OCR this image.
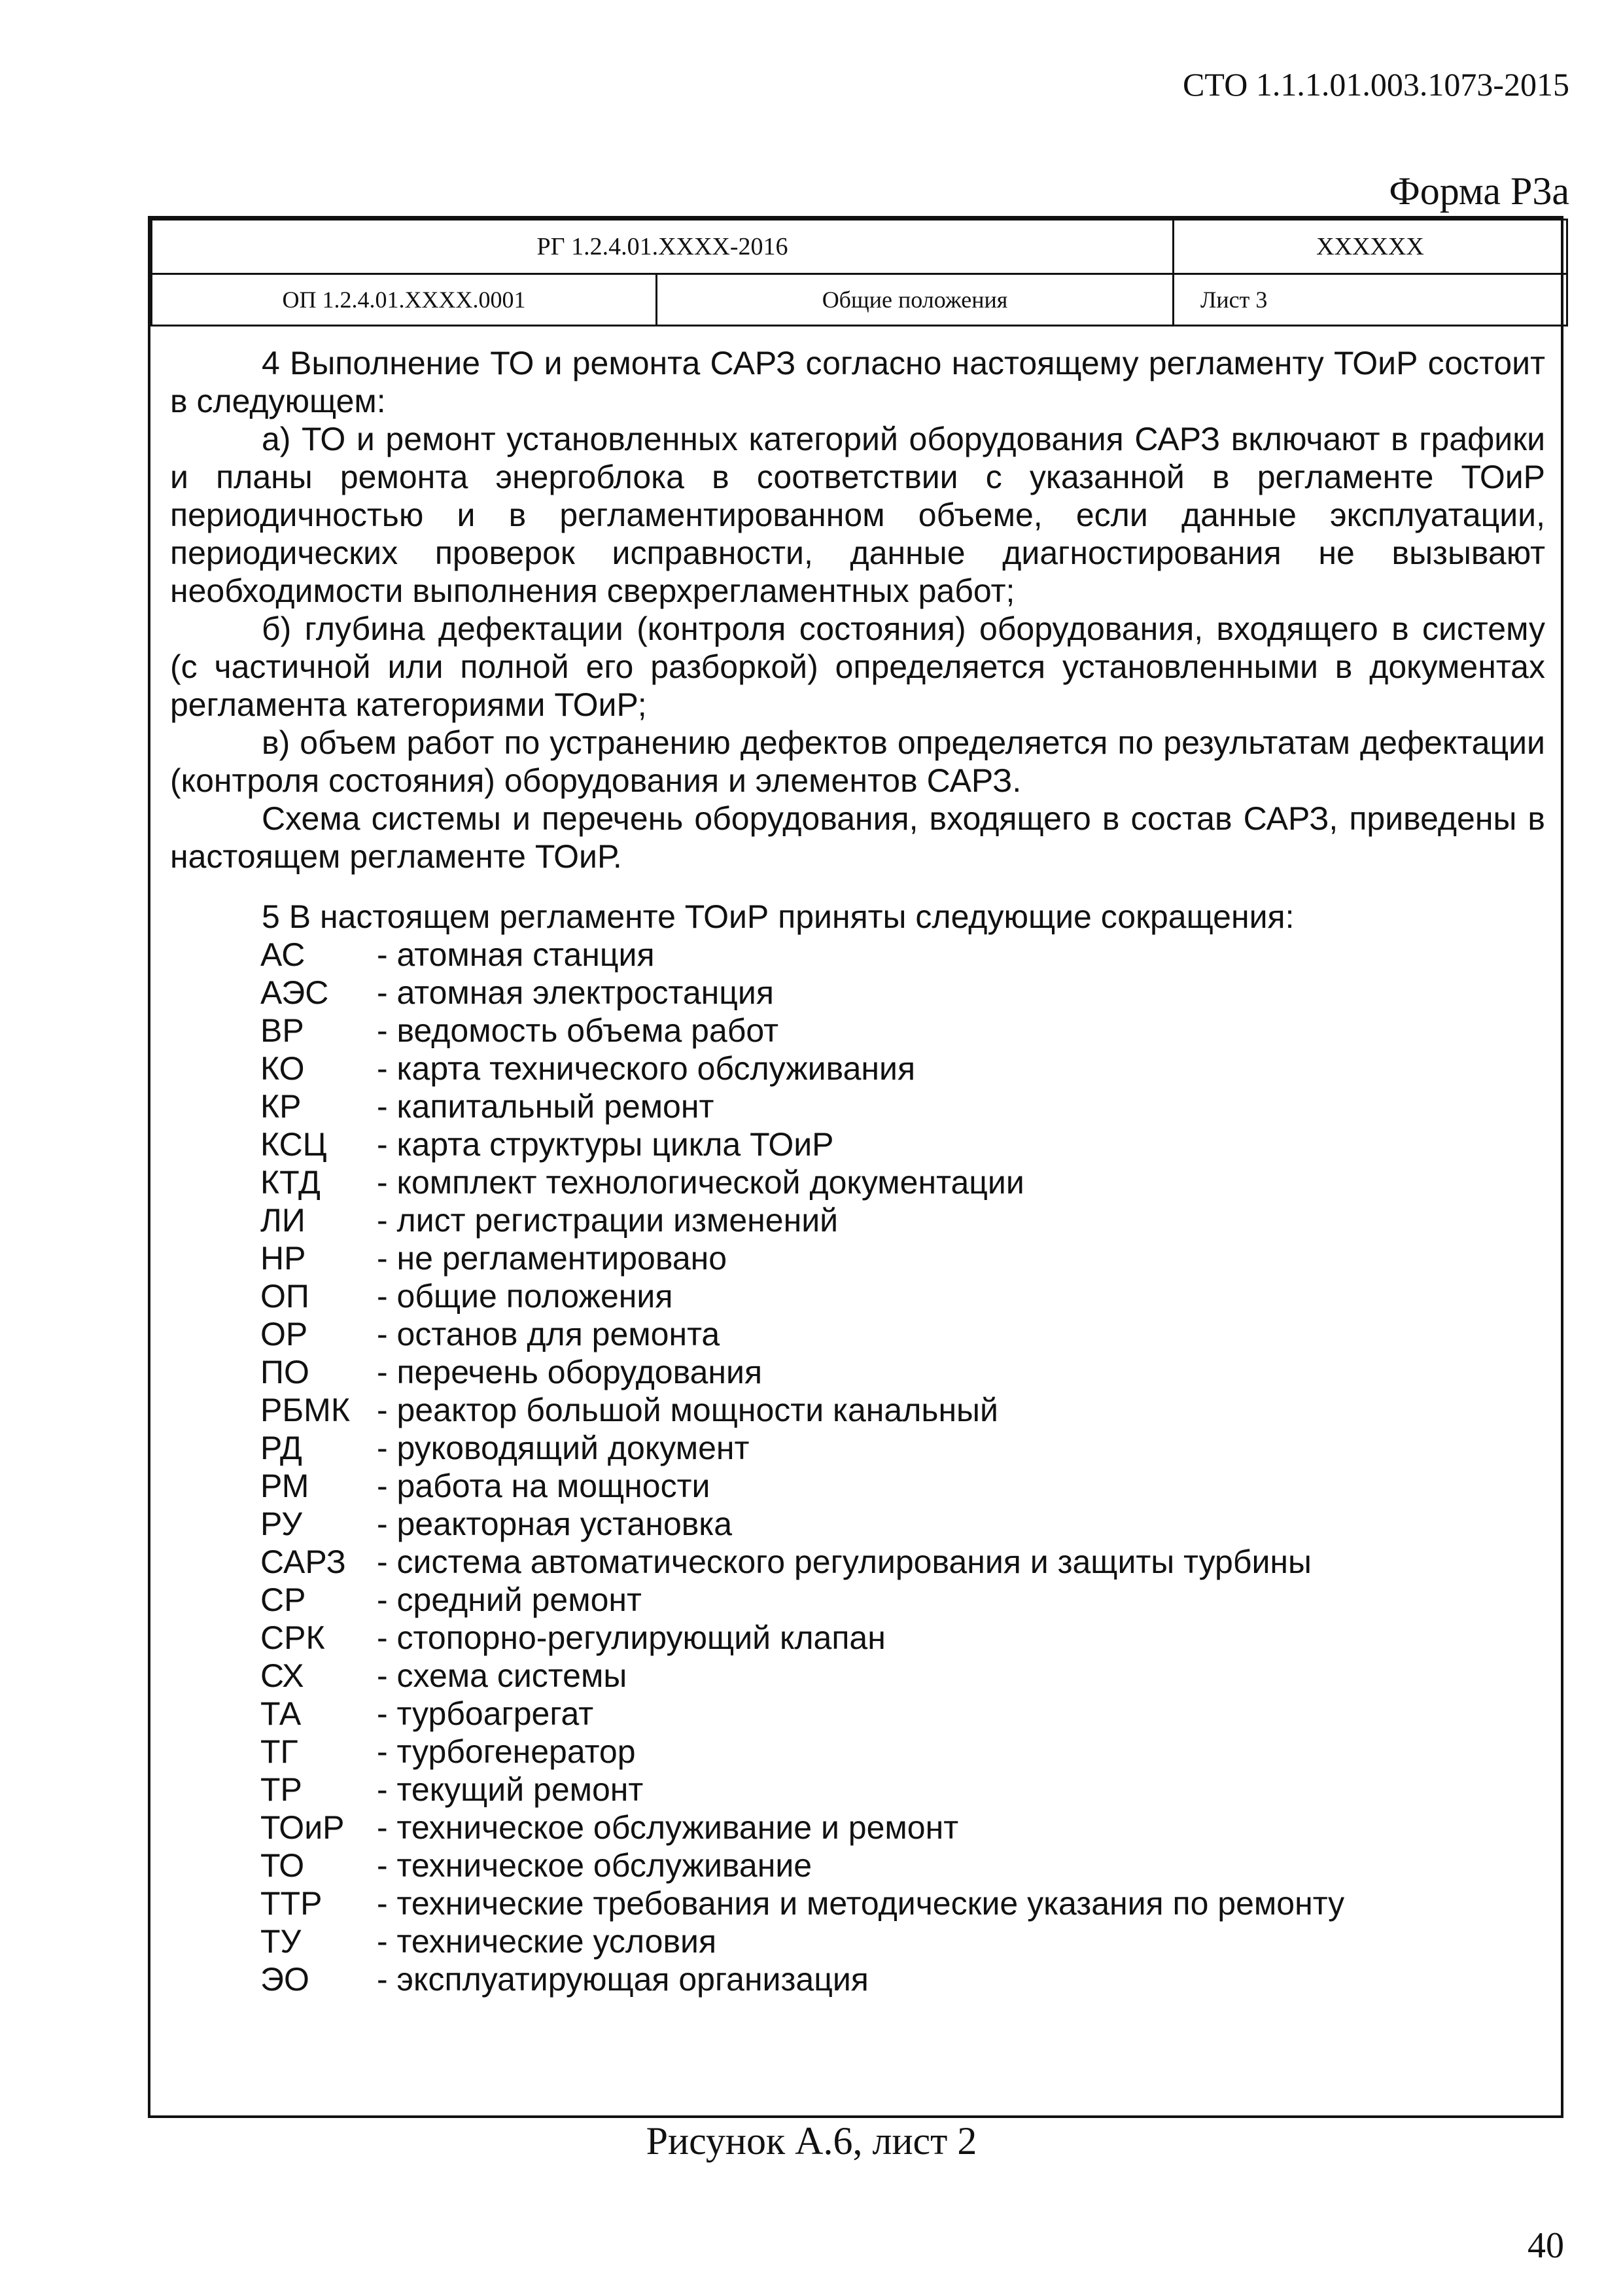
СТО 1.1.1.01.003.1073-2015
Форма Р3а
РГ 1.2.4.01.ХХХХ-2016		XXXXXX
ОП 1.2.4.01.ХХХХ.0001	Общие положения	Лист 3

4 Выполнение ТО и ремонта САРЗ согласно настоящему регламенту ТОиР состоит в следующем:

а) ТО и ремонт установленных категорий оборудования САРЗ включают в графики и планы ремонта энергоблока в соответствии с указанной в регламенте ТОиР периодичностью и в регламентированном объеме, если данные эксплуатации, периодических проверок исправности, данные диагностирования не вызывают необходимости выполнения сверхрегламентных работ;

б) глубина дефектации (контроля состояния) оборудования, входящего в систему (с частичной или полной его разборкой) определяется установленными в документах регламента категориями ТОиР;

в) объем работ по устранению дефектов определяется по результатам дефектации (контроля состояния) оборудования и элементов САРЗ.

Схема системы и перечень оборудования, входящего в состав САРЗ, приведены в настоящем регламенте ТОиР.

5 В настоящем регламенте ТОиР приняты следующие сокращения:

АС	- атомная станция
АЭС	- атомная электростанция
ВР	- ведомость объема работ
КО	- карта технического обслуживания
КР	- капитальный ремонт
КСЦ	- карта структуры цикла ТОиР
КТД	- комплект технологической документации
ЛИ	- лист регистрации изменений
НР	- не регламентировано
ОП	- общие положения
ОР	- останов для ремонта
ПО	- перечень оборудования
РБМК - реактор большой мощности канальный
РД	- руководящий документ
РМ	- работа на мощности
РУ	- реакторная установка
САРЗ - система автоматического регулирования и защиты турбины
СР	- средний ремонт
СРК	- стопорно-регулирующий клапан
СХ	- схема системы
ТА	- турбоагрегат
ТГ	- турбогенератор
ТР	- текущий ремонт
ТОиР - техническое обслуживание и ремонт
ТО	- техническое обслуживание
ТТР	- технические требования и методические указания по ремонту
ТУ	- технические условия
ЭО	- эксплуатирующая организация
Рисунок А.6, лист 2
40
